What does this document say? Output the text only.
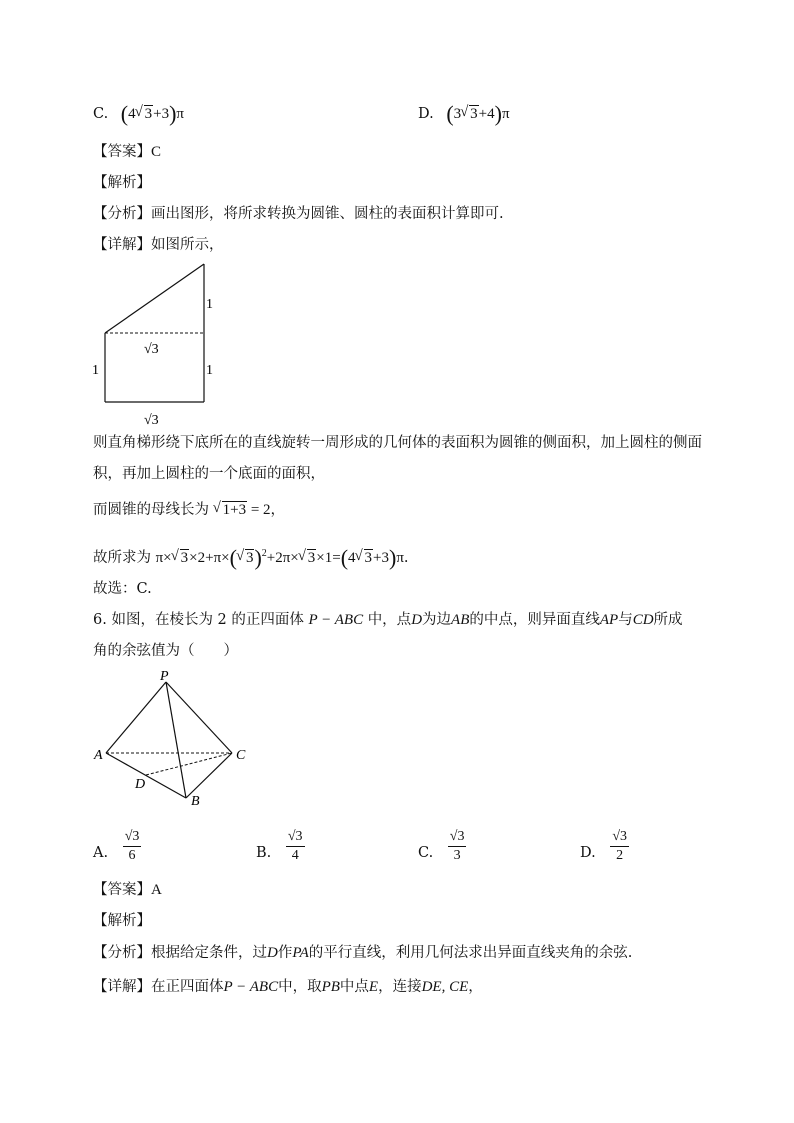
C. (4 √ 3+3)π	D. (3 √ 3+4)π
【答案】C
【解析】
【分析】画出图形，将所求转换为圆锥、圆柱的表面积计算即可.
【详解】如图所示，
1
√3
1	1
√3
则直角梯形绕下底所在的直线旋转一周形成的几何体的表面积为圆锥的侧面积，加上圆柱的侧面
积，再加上圆柱的一个底面的面积，
而圆锥的母线长为 √ 1+3 = 2，
故所求为 π× √ 3×2+π×( √ 3)$^2$+2π× √ 3×1=(4 √ 3+3)π.
故选：C.
6. 如图，在棱长为 2 的正四面体 P − ABC 中，点D为边AB的中点，则异面直线AP与CD所成
角的余弦值为（　　）
P
A	C
D
B
A. $\frac{√3}{6}$	B. $\frac{√3}{4}$	C. $\frac{√3}{3}$	D. $\frac{√3}{2}$
【答案】A
【解析】
【分析】根据给定条件，过D作PA的平行直线，利用几何法求出异面直线夹角的余弦.
【详解】在正四面体P − ABC中，取PB中点E，连接DE, CE，
